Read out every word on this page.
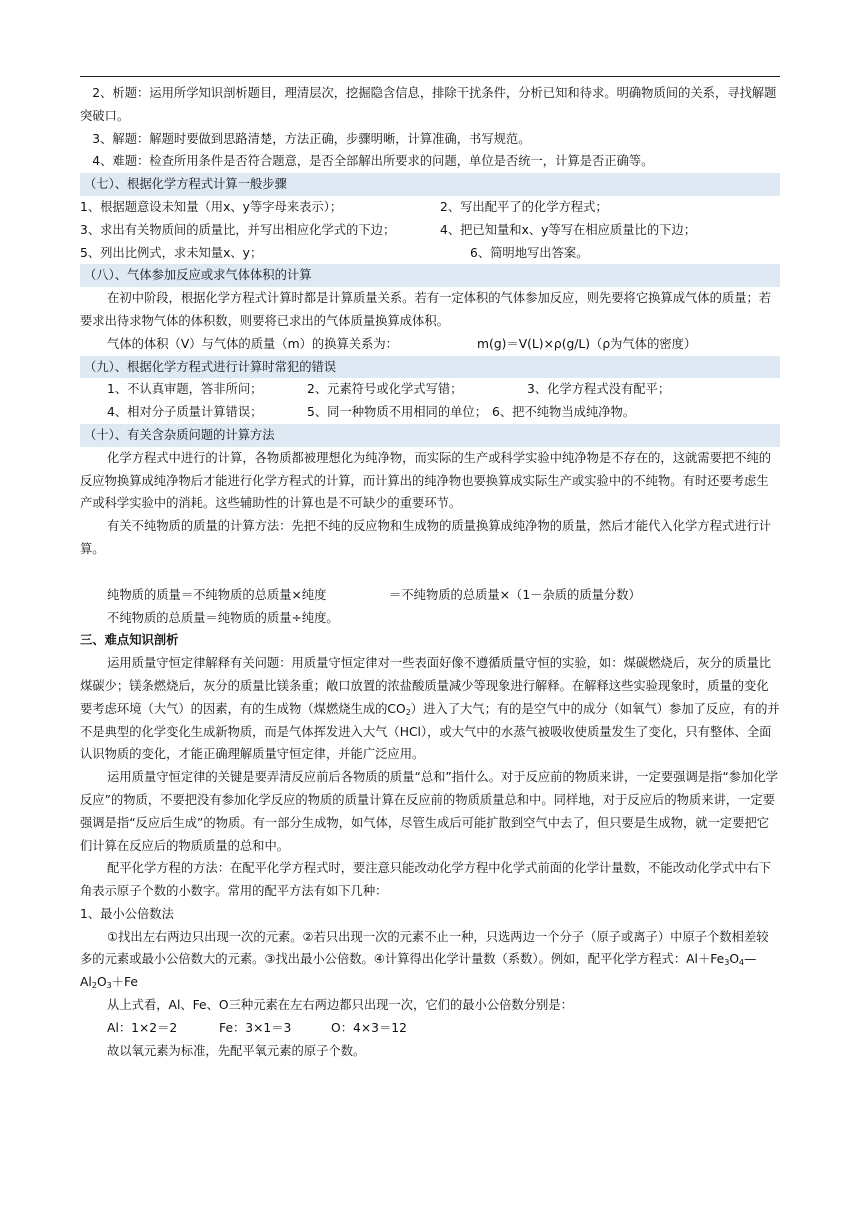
2、析题：运用所学知识剖析题目，理清层次，挖掘隐含信息，排除干扰条件，分析已知和待求。明确物质间的关系，寻找解题突破口。

3、解题：解题时要做到思路清楚，方法正确，步骤明晰，计算准确，书写规范。

4、难题：检查所用条件是否符合题意，是否全部解出所要求的问题，单位是否统一，计算是否正确等。

（七）、根据化学方程式计算一般步骤

1、根据题意设未知量（用x、y等字母来表示）；	2、写出配平了的化学方程式；
3、求出有关物质间的质量比，并写出相应化学式的下边；	4、把已知量和x、y等写在相应质量比的下边；
5、列出比例式，求未知量x、y；	6、简明地写出答案。

（八）、气体参加反应或求气体体积的计算

在初中阶段，根据化学方程式计算时都是计算质量关系。若有一定体积的气体参加反应，则先要将它换算成气体的质量；若要求出待求物气体的体积数，则要将已求出的气体质量换算成体积。

气体的体积（V）与气体的质量（m）的换算关系为：	m(g)＝V(L)×ρ(g/L)（ρ为气体的密度）

（九）、根据化学方程式进行计算时常犯的错误

1、不认真审题，答非所问；	2、元素符号或化学式写错；	3、化学方程式没有配平；
4、相对分子质量计算错误；	5、同一种物质不用相同的单位； 6、把不纯物当成纯净物。

（十）、有关含杂质问题的计算方法

化学方程式中进行的计算，各物质都被理想化为纯净物，而实际的生产或科学实验中纯净物是不存在的，这就需要把不纯的反应物换算成纯净物后才能进行化学方程式的计算，而计算出的纯净物也要换算成实际生产或实验中的不纯物。有时还要考虑生产或科学实验中的消耗。这些辅助性的计算也是不可缺少的重要环节。

有关不纯物质的质量的计算方法：先把不纯的反应物和生成物的质量换算成纯净物的质量，然后才能代入化学方程式进行计算。

纯物质的质量＝不纯物质的总质量×纯度	＝不纯物质的总质量×（1－杂质的质量分数）

不纯物质的总质量＝纯物质的质量÷纯度。

三、难点知识剖析

运用质量守恒定律解释有关问题：用质量守恒定律对一些表面好像不遵循质量守恒的实验，如：煤碳燃烧后，灰分的质量比煤碳少；镁条燃烧后，灰分的质量比镁条重；敞口放置的浓盐酸质量减少等现象进行解释。在解释这些实验现象时，质量的变化要考虑环境（大气）的因素，有的生成物（煤燃烧生成的$CO_2$）进入了大气；有的是空气中的成分（如氧气）参加了反应，有的并不是典型的化学变化生成新物质，而是气体挥发进入大气（HCl），或大气中的水蒸气被吸收使质量发生了变化，只有整体、全面认识物质的变化，才能正确理解质量守恒定律，并能广泛应用。

运用质量守恒定律的关键是要弄清反应前后各物质的质量“总和”指什么。对于反应前的物质来讲，一定要强调是指“参加化学反应”的物质，不要把没有参加化学反应的物质的质量计算在反应前的物质质量总和中。同样地，对于反应后的物质来讲，一定要强调是指“反应后生成”的物质。有一部分生成物，如气体，尽管生成后可能扩散到空气中去了，但只要是生成物，就一定要把它们计算在反应后的物质质量的总和中。

配平化学方程的方法：在配平化学方程式时，要注意只能改动化学方程中化学式前面的化学计量数，不能改动化学式中右下角表示原子个数的小数字。常用的配平方法有如下几种：

1、最小公倍数法

①找出左右两边只出现一次的元素。②若只出现一次的元素不止一种，只选两边一个分子（原子或离子）中原子个数相差较多的元素或最小公倍数大的元素。③找出最小公倍数。④计算得出化学计量数（系数）。例如，配平化学方程式：$Al+Fe_3O_4—Al_2O_3+Fe$

从上式看，Al、Fe、O三种元素在左右两边都只出现一次，它们的最小公倍数分别是：

Al：1×2＝2	Fe：3×1＝3	O：4×3＝12

故以氧元素为标准，先配平氧元素的原子个数。
